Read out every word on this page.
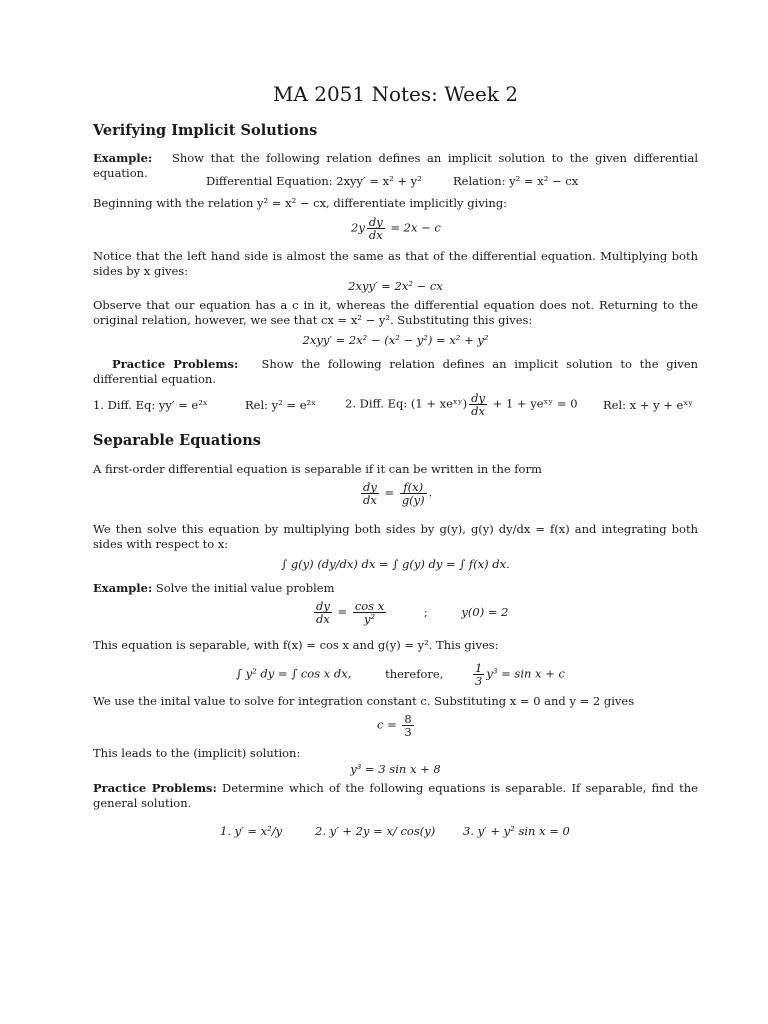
MA 2051 Notes: Week 2
Verifying Implicit Solutions
Example: Show that the following relation defines an implicit solution to the given differential equation.
Differential Equation: 2xyy′ = x² + y²	Relation: y² = x² − cx
Beginning with the relation y² = x² − cx, differentiate implicitly giving:
$2y \frac{dy}{dx} = 2x - c$
Notice that the left hand side is almost the same as that of the differential equation. Multiplying both sides by x gives:
2xyy′ = 2x² − cx
Observe that our equation has a c in it, whereas the differential equation does not. Returning to the original relation, however, we see that cx = x² − y². Substituting this gives:
2xyy′ = 2x² − (x² − y²) = x² + y²
Practice Problems: Show the following relation defines an implicit solution to the given differential equation.
1. Diff. Eq: yy′ = e²ˣ	Rel: y² = e²ˣ	2. Diff. Eq: (1 + xeˣʸ) $\frac{dy}{dx} + 1$ + yeˣʸ = 0 Rel: x + y + eˣʸ
Separable Equations
A first-order differential equation is separable if it can be written in the form
$\frac{dy}{dx} = \frac{f(x)}{g(y)}$ .
We then solve this equation by multiplying both sides by g(y), g(y) dy/dx = f(x) and integrating both sides with respect to x:
∫ g(y) (dy/dx) dx = ∫ g(y) dy = ∫ f(x) dx.
Example: Solve the initial value problem
$\frac{dy}{dx} = \frac{\text{cos x}}{\text{y²}}$	;	y(0) = 2
This equation is separable, with f(x) = cos x and g(y) = y². This gives:
∫ y² dy = ∫ cos x dx,	therefore,	$\frac{1}{3} y^3 = \sin x + c$
We use the inital value to solve for integration constant c. Substituting x = 0 and y = 2 gives
$c = \frac{8}{3}$
This leads to the (implicit) solution:
y³ = 3 sin x + 8
Practice Problems: Determine which of the following equations is separable. If separable, find the general solution.
1. y′ = x²/y	2. y′ + 2y = x/ cos(y) 3. y′ + y² sin x = 0
